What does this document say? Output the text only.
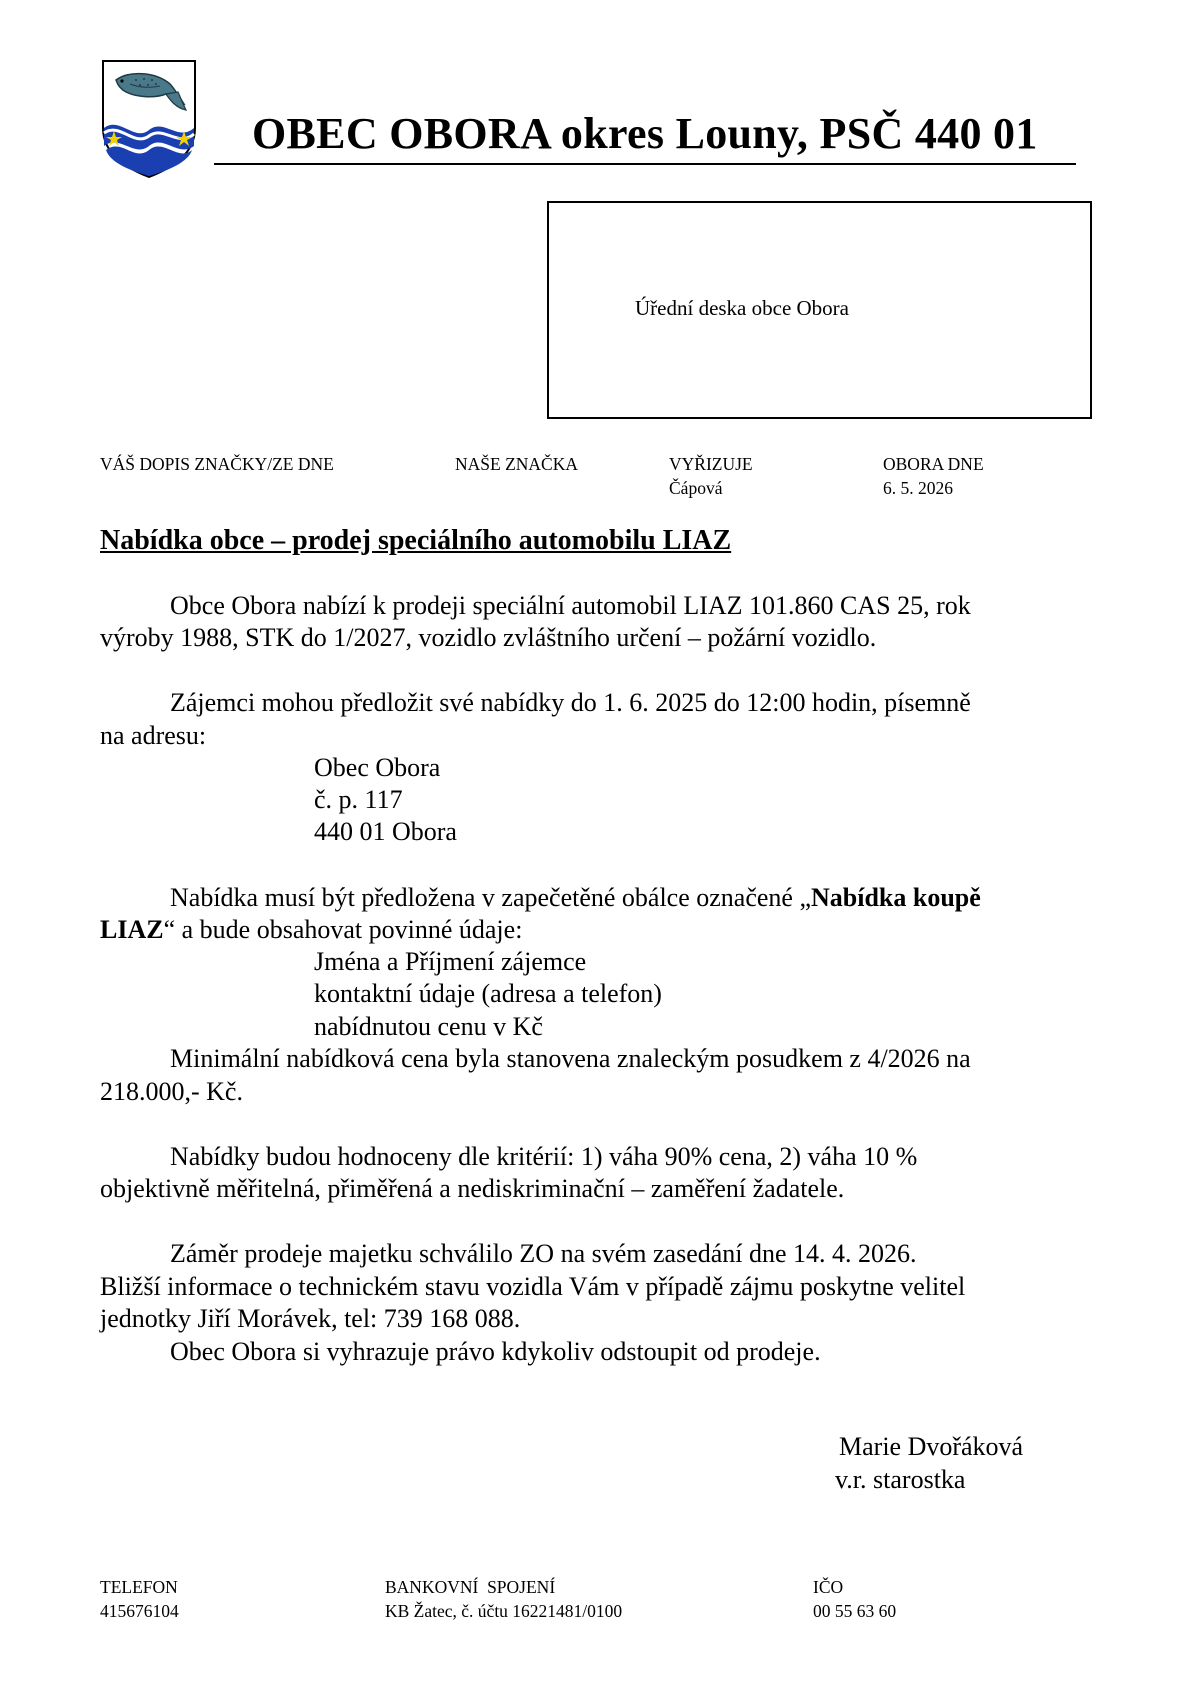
OBEC OBORA okres Louny, PSČ 440 01
Úřední deska obce Obora
VÁŠ DOPIS ZNAČKY/ZE DNE	NAŠE ZNAČKA	VYŘIZUJE
Čápová
OBORA DNE
6. 5. 2026
Nabídka obce – prodej speciálního automobilu LIAZ
Obce Obora nabízí k prodeji speciální automobil LIAZ 101.860 CAS 25, rok
výroby 1988, STK do 1/2027, vozidlo zvláštního určení – požární vozidlo.
Zájemci mohou předložit své nabídky do 1. 6. 2025 do 12:00 hodin, písemně
na adresu:
Obec Obora
č. p. 117
440 01 Obora
Nabídka musí být předložena v zapečetěné obálce označené „Nabídka koupě
LIAZ“ a bude obsahovat povinné údaje:
Jména a Příjmení zájemce
kontaktní údaje (adresa a telefon)
nabídnutou cenu v Kč
Minimální nabídková cena byla stanovena znaleckým posudkem z 4/2026 na
218.000,- Kč.
Nabídky budou hodnoceny dle kritérií: 1) váha 90% cena, 2) váha 10 %
objektivně měřitelná, přiměřená a nediskriminační – zaměření žadatele.
Záměr prodeje majetku schválilo ZO na svém zasedání dne 14. 4. 2026.
Bližší informace o technickém stavu vozidla Vám v případě zájmu poskytne velitel
jednotky Jiří Morávek, tel: 739 168 088.
Obec Obora si vyhrazuje právo kdykoliv odstoupit od prodeje.
Marie Dvořáková
v.r. starostka
TELEFON
415676104
BANKOVNÍ  SPOJENÍ
KB Žatec, č. účtu 16221481/0100
IČO
00 55 63 60
